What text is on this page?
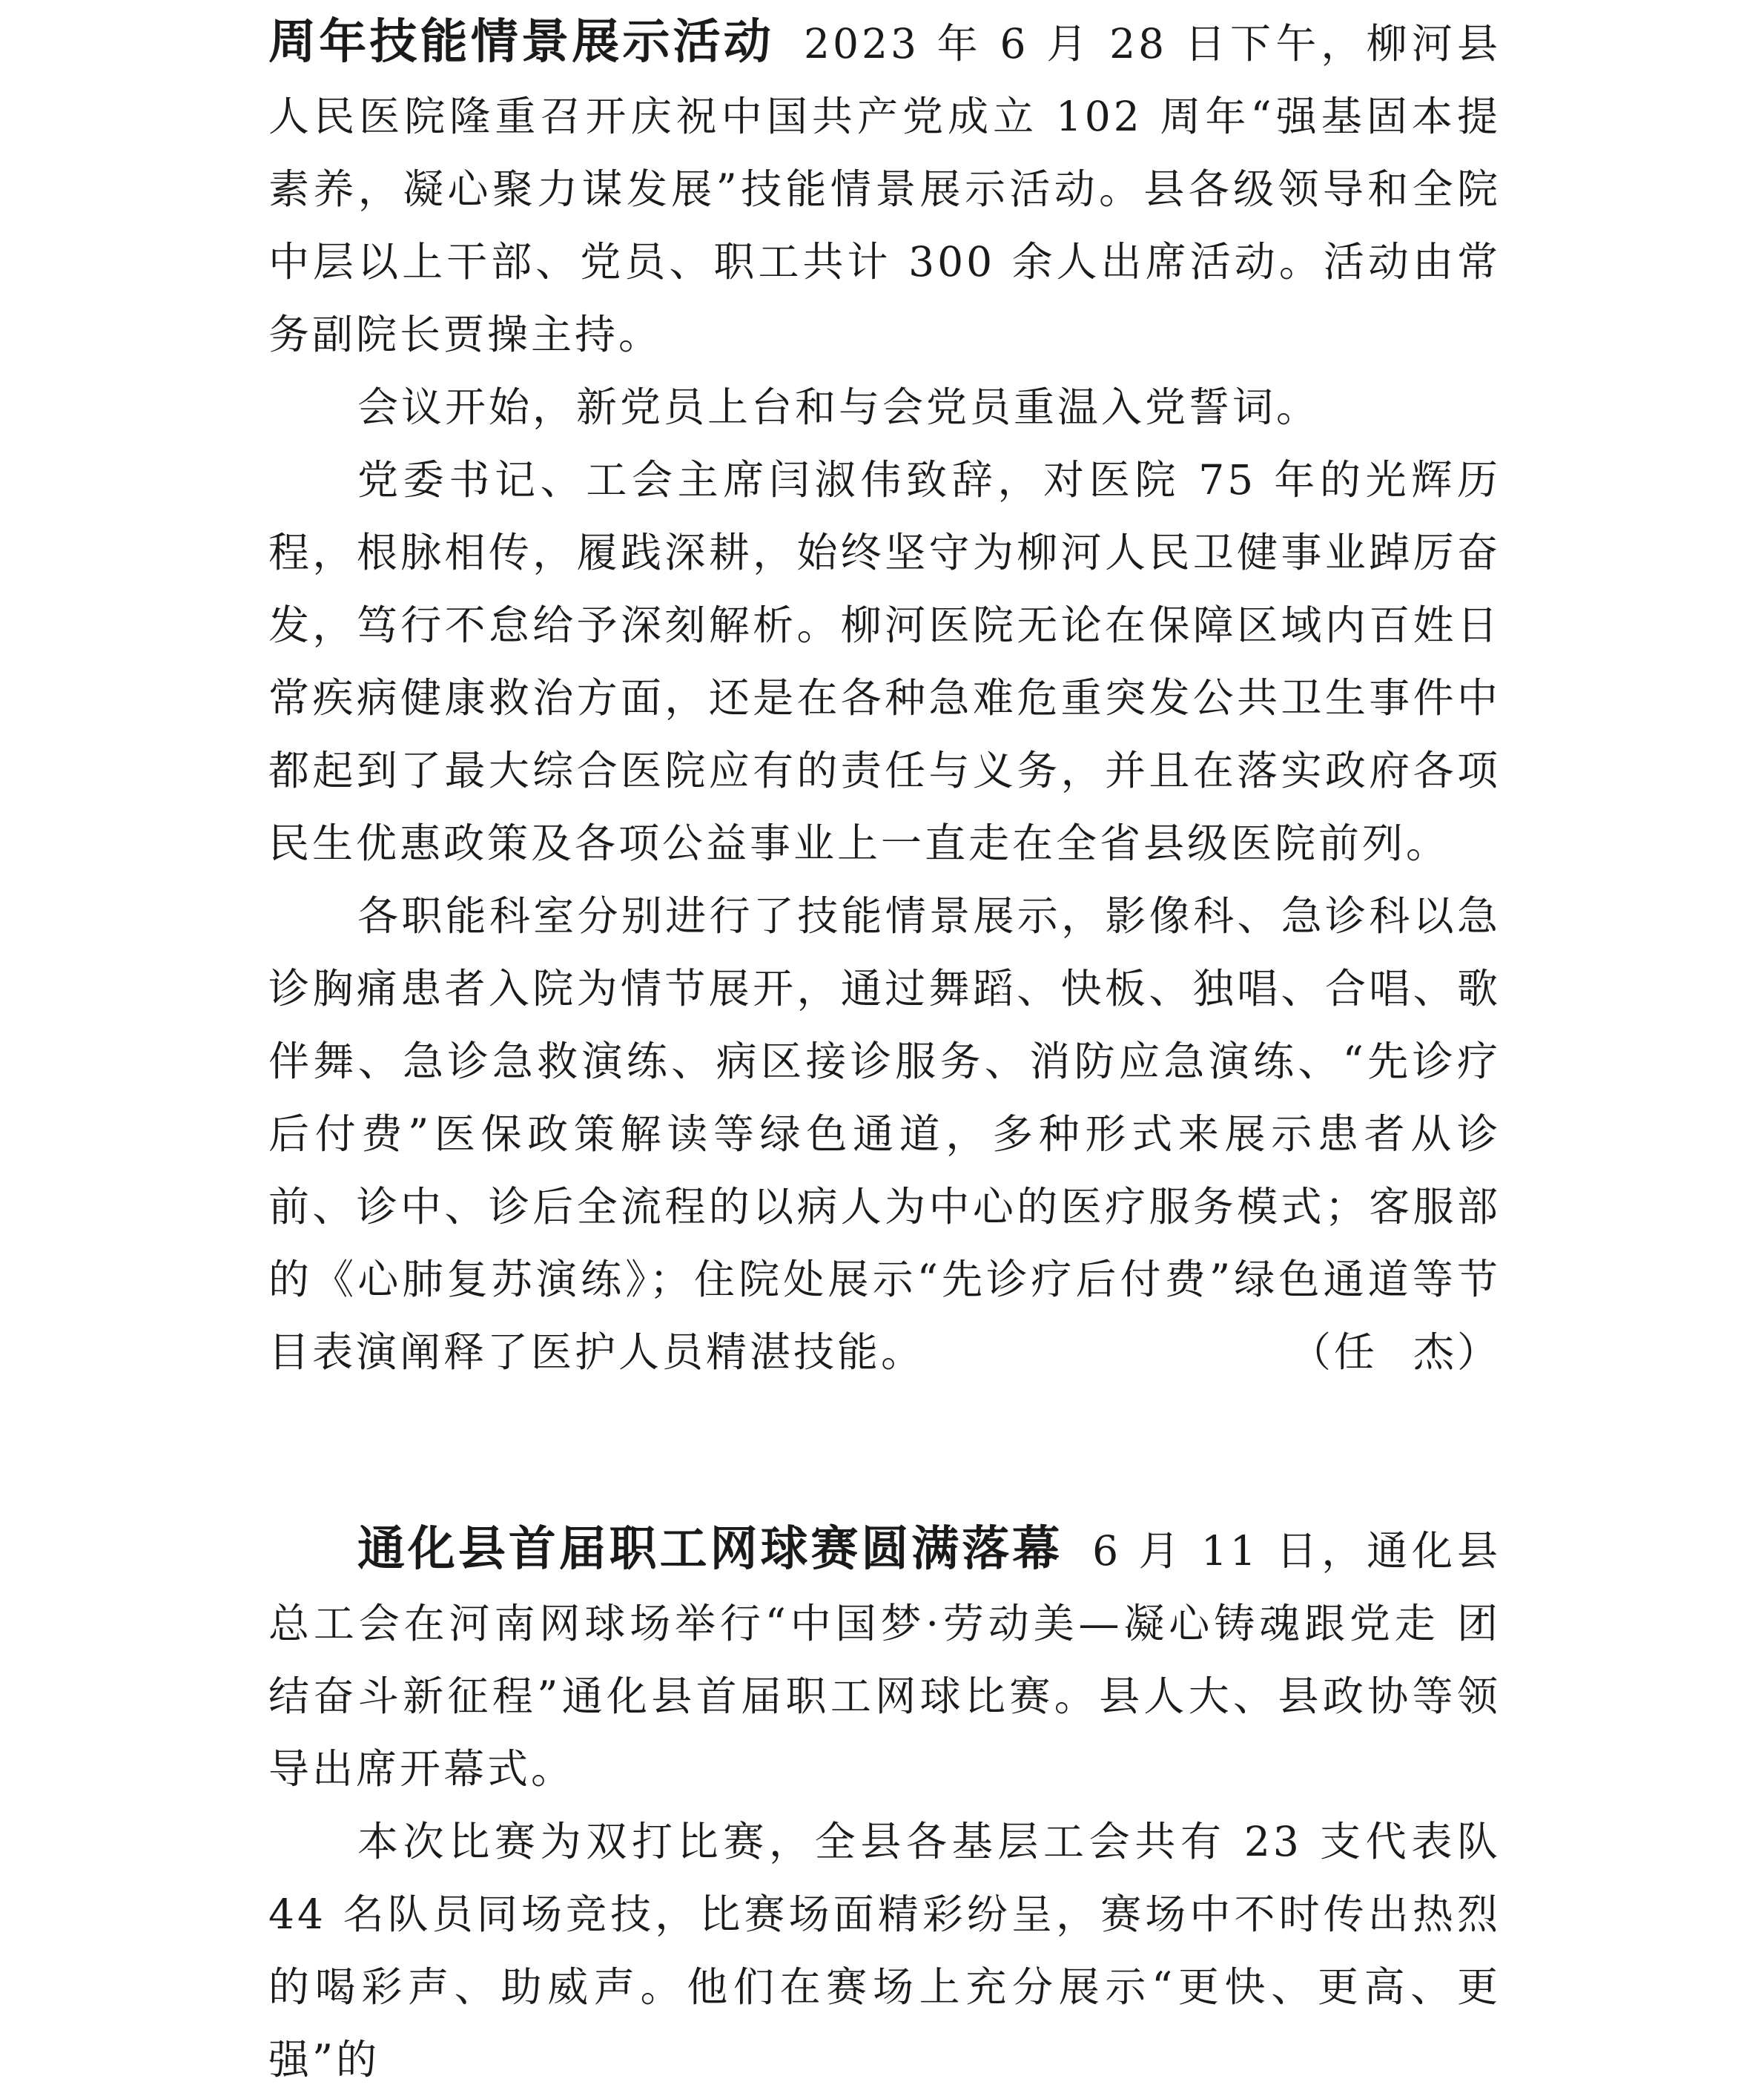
周年技能情景展示活动 2023 年 6 月 28 日下午，柳河县人民医院隆重召开庆祝中国共产党成立 102 周年“强基固本提素养，凝心聚力谋发展”技能情景展示活动。县各级领导和全院中层以上干部、党员、职工共计 300 余人出席活动。活动由常务副院长贾操主持。

会议开始，新党员上台和与会党员重温入党誓词。

党委书记、工会主席闫淑伟致辞，对医院 75 年的光辉历程，根脉相传，履践深耕，始终坚守为柳河人民卫健事业踔厉奋发，笃行不怠给予深刻解析。柳河医院无论在保障区域内百姓日常疾病健康救治方面，还是在各种急难危重突发公共卫生事件中都起到了最大综合医院应有的责任与义务，并且在落实政府各项民生优惠政策及各项公益事业上一直走在全省县级医院前列。

各职能科室分别进行了技能情景展示，影像科、急诊科以急诊胸痛患者入院为情节展开，通过舞蹈、快板、独唱、合唱、歌伴舞、急诊急救演练、病区接诊服务、消防应急演练、“先诊疗后付费”医保政策解读等绿色通道，多种形式来展示患者从诊前、诊中、诊后全流程的以病人为中心的医疗服务模式；客服部的《心肺复苏演练》；住院处展示“先诊疗后付费”绿色通道等节目表演阐释了医护人员精湛技能。	（任 杰）

通化县首届职工网球赛圆满落幕 6 月 11 日，通化县总工会在河南网球场举行“中国梦·劳动美—凝心铸魂跟党走 团结奋斗新征程”通化县首届职工网球比赛。县人大、县政协等领导出席开幕式。

本次比赛为双打比赛，全县各基层工会共有 23 支代表队 44 名队员同场竞技，比赛场面精彩纷呈，赛场中不时传出热烈的喝彩声、助威声。他们在赛场上充分展示“更快、更高、更强”的
